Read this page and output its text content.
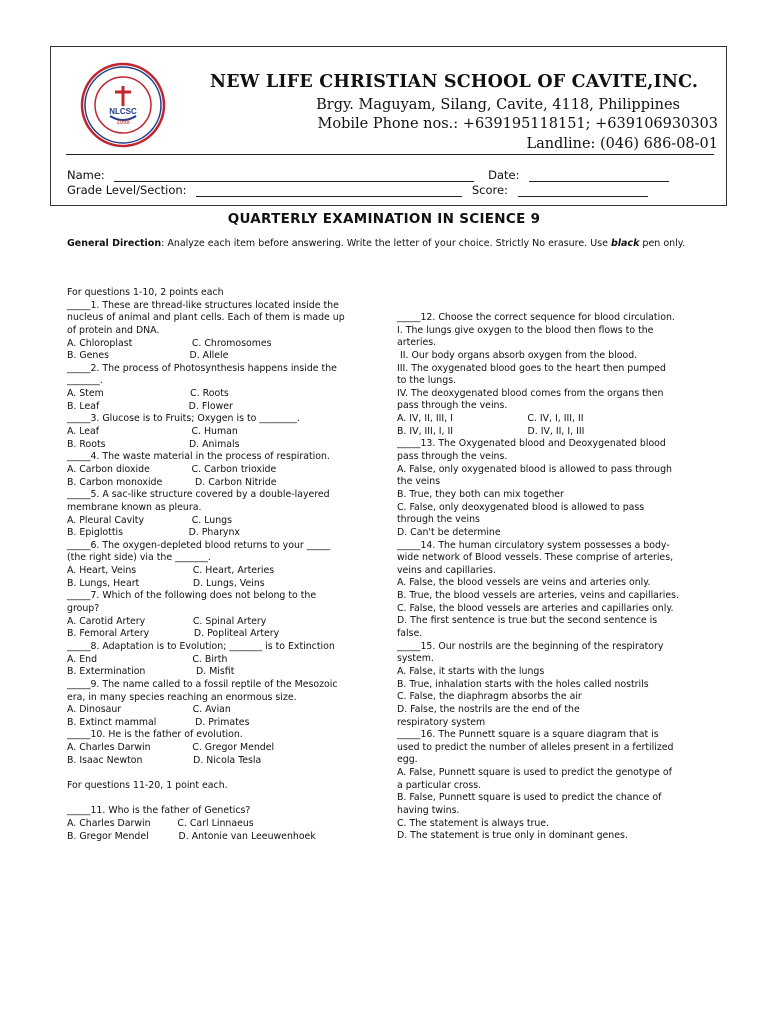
NLCSC
1998
NEW LIFE CHRISTIAN SCHOOL OF CAVITE,INC.
Brgy. Maguyam, Silang, Cavite, 4118, Philippines
Mobile Phone nos.: +639195118151; +639106930303
Landline: (046) 686-08-01
Name:	Date:
Grade Level/Section:	Score:
QUARTERLY EXAMINATION IN SCIENCE 9
General Direction: Analyze each item before answering. Write the letter of your choice. Strictly No erasure. Use black pen only.
For questions 1-10, 2 points each
_____1. These are thread-like structures located inside the
nucleus of animal and plant cells. Each of them is made up
of protein and DNA.
A. Chloroplast                    C. Chromosomes
B. Genes                           D. Allele
_____2. The process of Photosynthesis happens inside the
_______.
A. Stem                             C. Roots
B. Leaf                              D. Flower
_____3. Glucose is to Fruits; Oxygen is to ________.
A. Leaf                               C. Human
B. Roots                            D. Animals
_____4. The waste material in the process of respiration.
A. Carbon dioxide              C. Carbon trioxide
B. Carbon monoxide           D. Carbon Nitride
_____5. A sac-like structure covered by a double-layered
membrane known as pleura.
A. Pleural Cavity                C. Lungs
B. Epiglottis                      D. Pharynx
_____6. The oxygen-depleted blood returns to your _____
(the right side) via the _______.
A. Heart, Veins                   C. Heart, Arteries
B. Lungs, Heart                  D. Lungs, Veins
_____7. Which of the following does not belong to the
group?
A. Carotid Artery                C. Spinal Artery
B. Femoral Artery               D. Popliteal Artery
_____8. Adaptation is to Evolution; _______ is to Extinction
A. End                                C. Birth
B. Extermination                 D. Misfit
_____9. The name called to a fossil reptile of the Mesozoic
era, in many species reaching an enormous size.
A. Dinosaur                        C. Avian
B. Extinct mammal             D. Primates
_____10. He is the father of evolution.
A. Charles Darwin              C. Gregor Mendel
B. Isaac Newton                 D. Nicola Tesla
For questions 11-20, 1 point each.
_____11. Who is the father of Genetics?
A. Charles Darwin         C. Carl Linnaeus
B. Gregor Mendel          D. Antonie van Leeuwenhoek
_____12. Choose the correct sequence for blood circulation.
I. The lungs give oxygen to the blood then flows to the
arteries.
II. Our body organs absorb oxygen from the blood.
III. The oxygenated blood goes to the heart then pumped
to the lungs.
IV. The deoxygenated blood comes from the organs then
pass through the veins.
A. IV, II, III, I                         C. IV, I, III, II
B. IV, III, I, II                         D. IV, II, I, III
_____13. The Oxygenated blood and Deoxygenated blood
pass through the veins.
A. False, only oxygenated blood is allowed to pass through
the veins
B. True, they both can mix together
C. False, only deoxygenated blood is allowed to pass
through the veins
D. Can't be determine
_____14. The human circulatory system possesses a body-
wide network of Blood vessels. These comprise of arteries,
veins and capillaries.
A. False, the blood vessels are veins and arteries only.
B. True, the blood vessels are arteries, veins and capillaries.
C. False, the blood vessels are arteries and capillaries only.
D. The first sentence is true but the second sentence is
false.
_____15. Our nostrils are the beginning of the respiratory
system.
A. False, it starts with the lungs
B. True, inhalation starts with the holes called nostrils
C. False, the diaphragm absorbs the air
D. False, the nostrils are the end of the
respiratory system
_____16. The Punnett square is a square diagram that is
used to predict the number of alleles present in a fertilized
egg.
A. False, Punnett square is used to predict the genotype of
a particular cross.
B. False, Punnett square is used to predict the chance of
having twins.
C. The statement is always true.
D. The statement is true only in dominant genes.
